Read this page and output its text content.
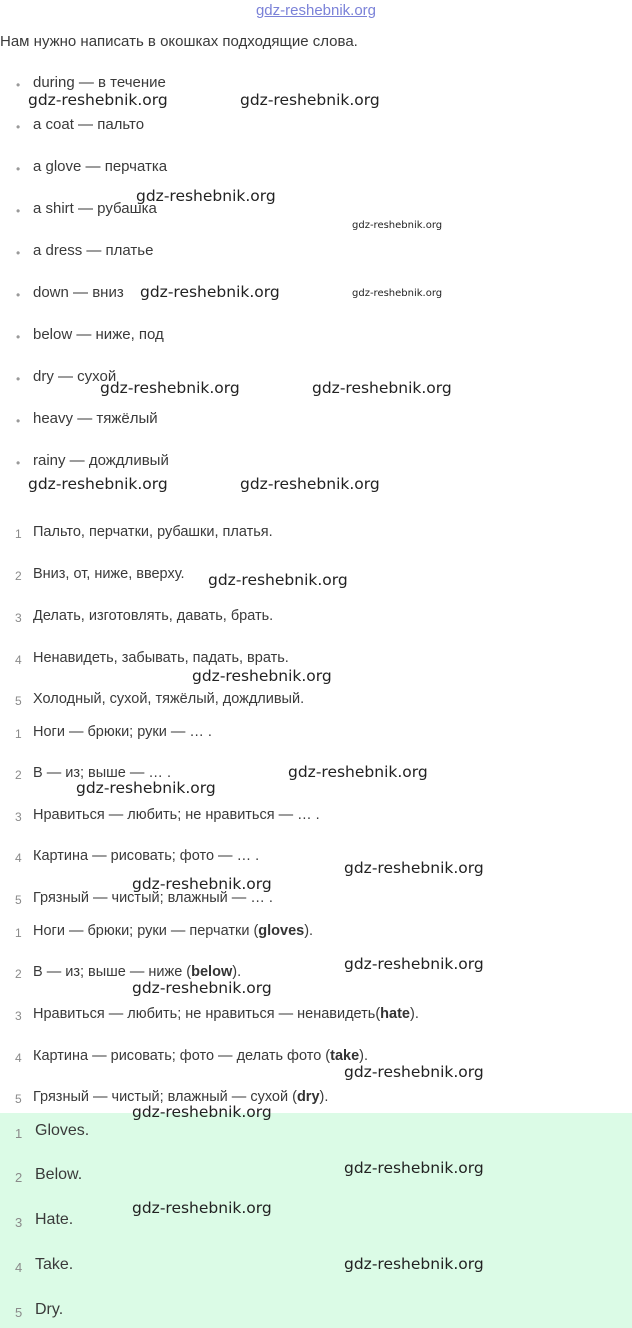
gdz-reshebnik.org
Нам нужно написать в окошках подходящие слова.
• during — в течение
• a coat — пальто
• a glove — перчатка
• a shirt — рубашка
• a dress — платье
• down — вниз
• below — ниже, под
• dry — сухой
• heavy — тяжёлый
• rainy — дождливый
1 Пальто, перчатки, рубашки, платья.
2 Вниз, от, ниже, вверху.
3 Делать, изготовлять, давать, брать.
4 Ненавидеть, забывать, падать, врать.
5 Холодный, сухой, тяжёлый, дождливый.
1 Ноги — брюки; руки — … .
2 В — из; выше — … .
3 Нравиться — любить; не нравиться — … .
4 Картина — рисовать; фото — … .
5 Грязный — чистый; влажный — … .
1 Ноги — брюки; руки — перчатки (gloves).
2 В — из; выше — ниже (below).
3 Нравиться — любить; не нравиться — ненавидеть(hate).
4 Картина — рисовать; фото — делать фото (take).
5 Грязный — чистый; влажный — сухой (dry).
1 Gloves.
2 Below.
3 Hate.
4 Take.
5 Dry.
gdz-reshebnik.org	gdz-reshebnik.org
gdz-reshebnik.org
gdz-reshebnik.org
gdz-reshebnik.org	gdz-reshebnik.org
gdz-reshebnik.org	gdz-reshebnik.org
gdz-reshebnik.org	gdz-reshebnik.org
gdz-reshebnik.org
gdz-reshebnik.org
gdz-reshebnik.org
gdz-reshebnik.org
gdz-reshebnik.org
gdz-reshebnik.org
gdz-reshebnik.org
gdz-reshebnik.org
gdz-reshebnik.org
gdz-reshebnik.org
gdz-reshebnik.org
gdz-reshebnik.org
gdz-reshebnik.org
